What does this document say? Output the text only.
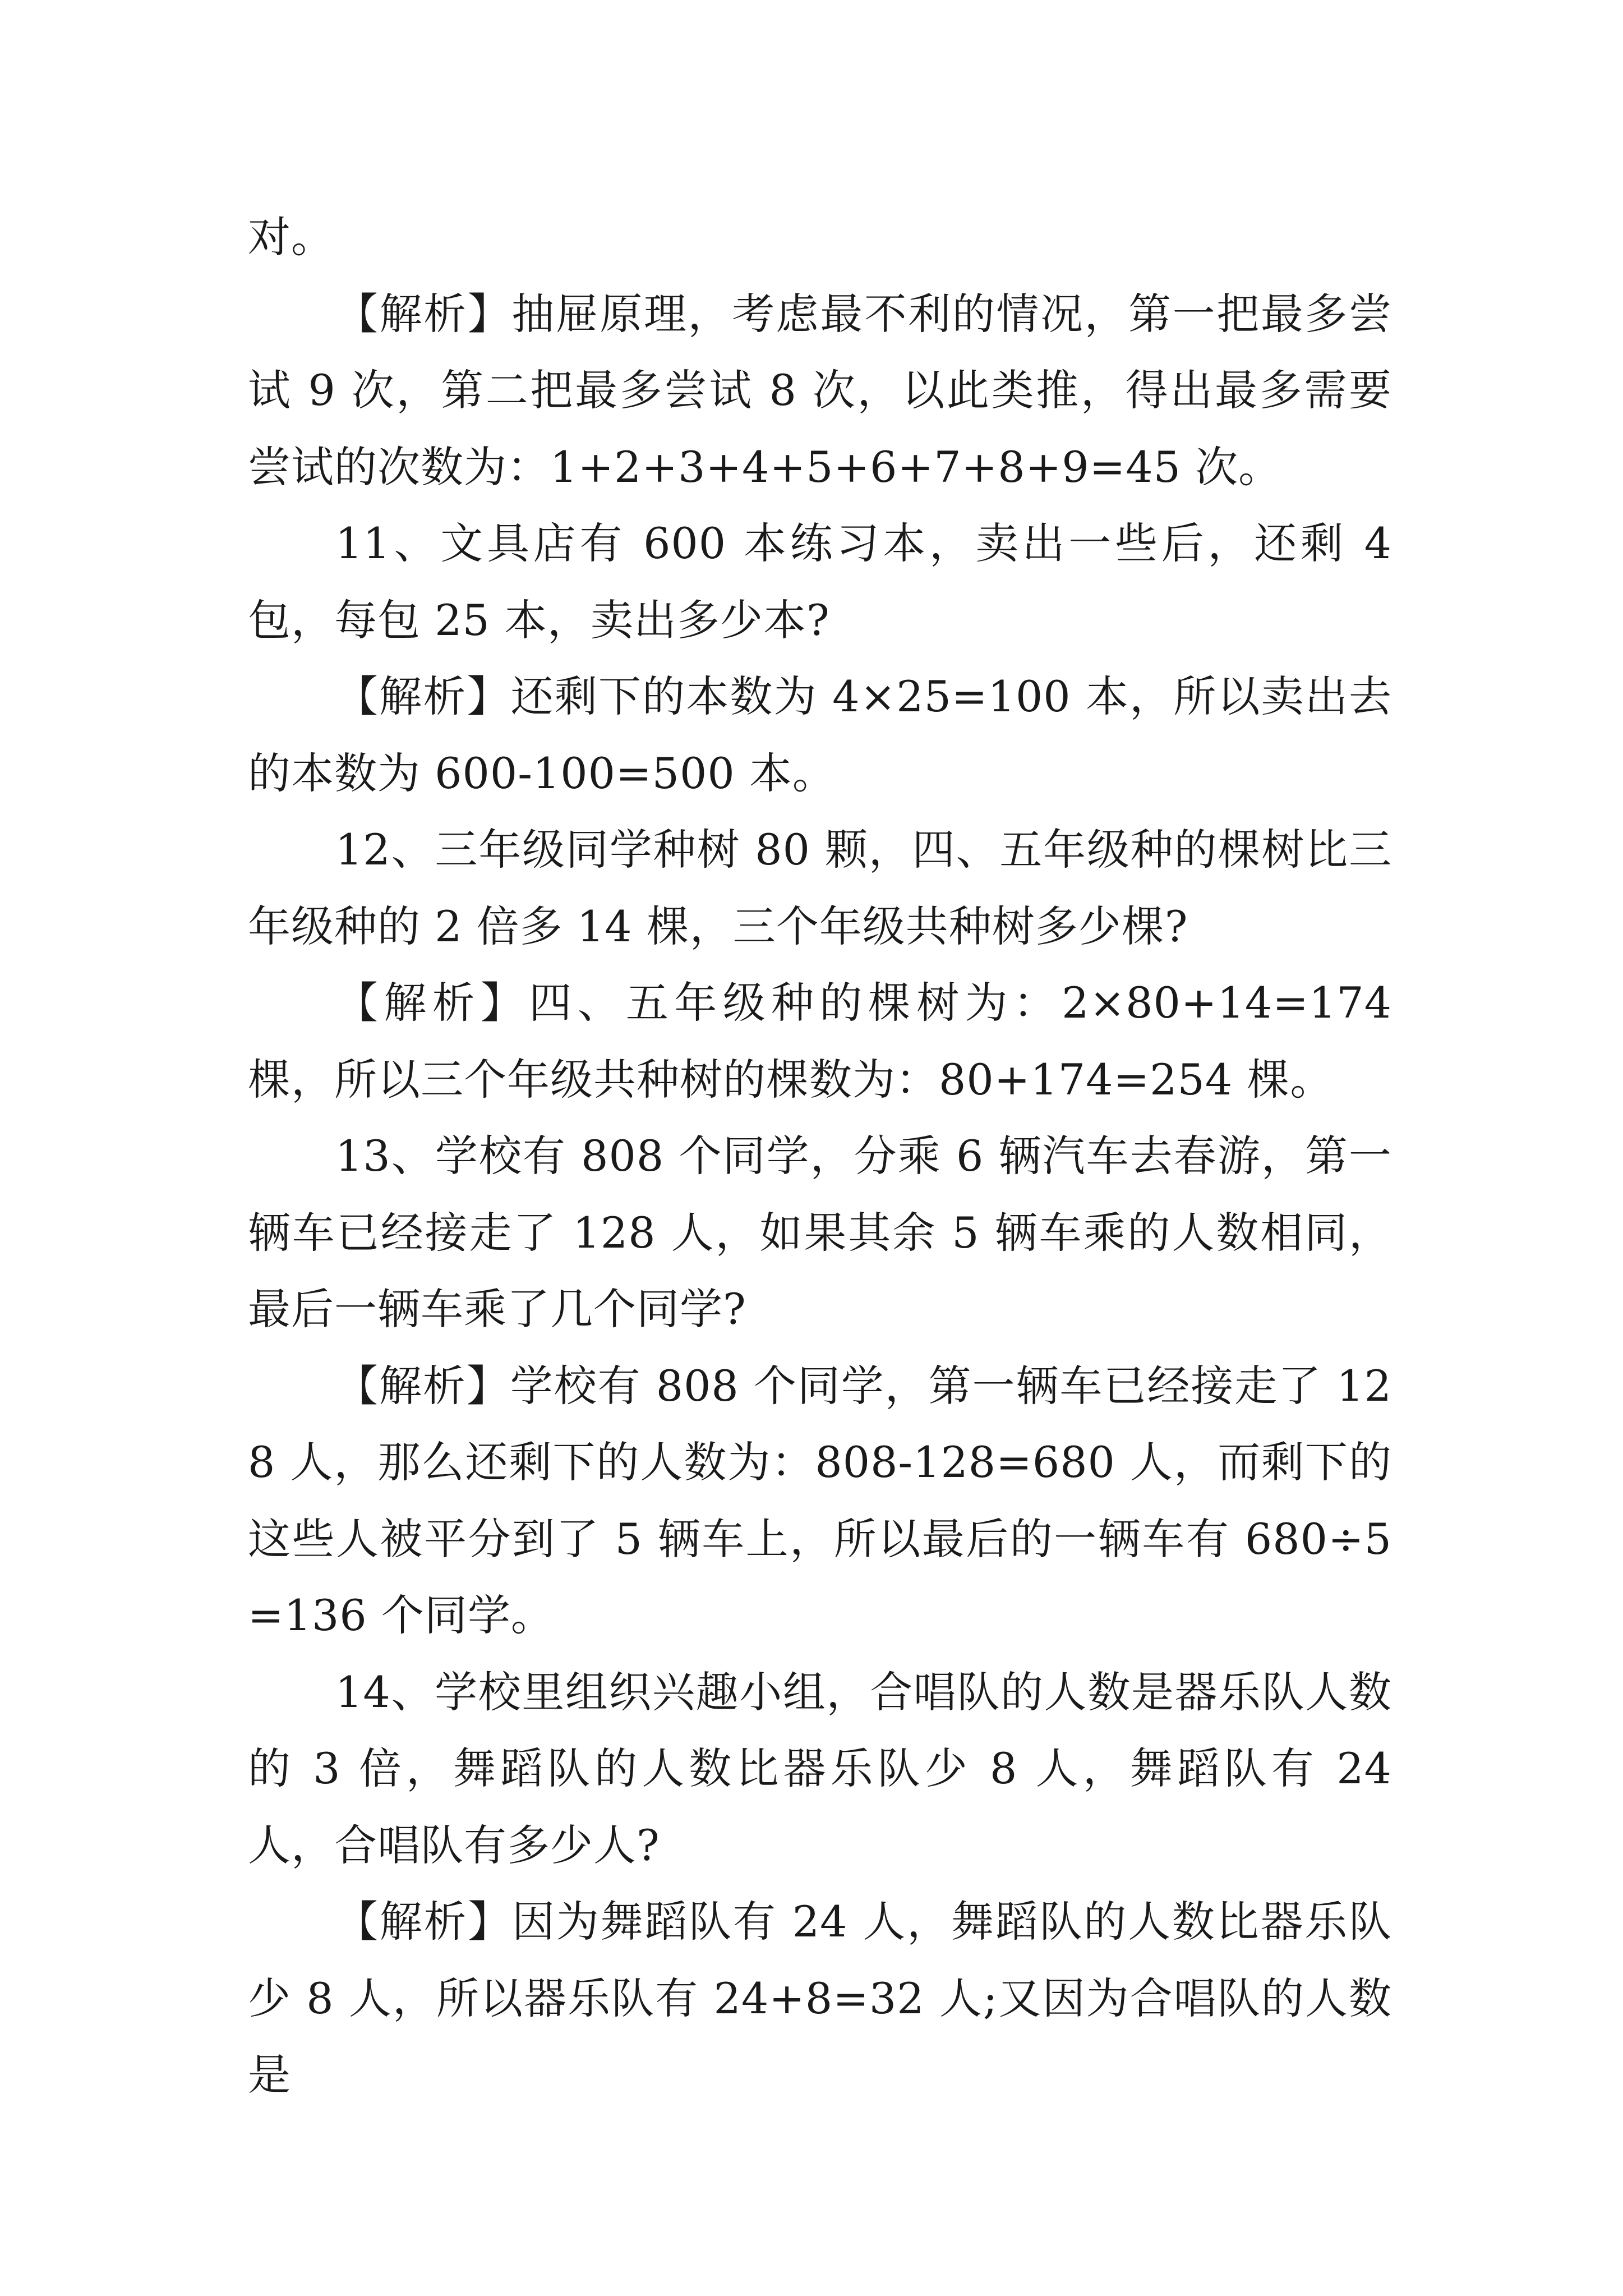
对。

【解析】抽屉原理，考虑最不利的情况，第一把最多尝试 9 次，第二把最多尝试 8 次，以此类推，得出最多需要尝试的次数为：1+2+3+4+5+6+7+8+9=45 次。

11、文具店有 600 本练习本，卖出一些后，还剩 4 包，每包 25 本，卖出多少本?

【解析】还剩下的本数为 4×25=100 本，所以卖出去的本数为 600-100=500 本。

12、三年级同学种树 80 颗，四、五年级种的棵树比三年级种的 2 倍多 14 棵，三个年级共种树多少棵?

【解析】四、五年级种的棵树为：2×80+14=174 棵，所以三个年级共种树的棵数为：80+174=254 棵。

13、学校有 808 个同学，分乘 6 辆汽车去春游，第一辆车已经接走了 128 人，如果其余 5 辆车乘的人数相同，最后一辆车乘了几个同学?

【解析】学校有 808 个同学，第一辆车已经接走了 128 人，那么还剩下的人数为：808-128=680 人，而剩下的这些人被平分到了 5 辆车上，所以最后的一辆车有 680÷5=136 个同学。

14、学校里组织兴趣小组，合唱队的人数是器乐队人数的 3 倍，舞蹈队的人数比器乐队少 8 人，舞蹈队有 24 人，合唱队有多少人?

【解析】因为舞蹈队有 24 人，舞蹈队的人数比器乐队少 8 人，所以器乐队有 24+8=32 人;又因为合唱队的人数是
